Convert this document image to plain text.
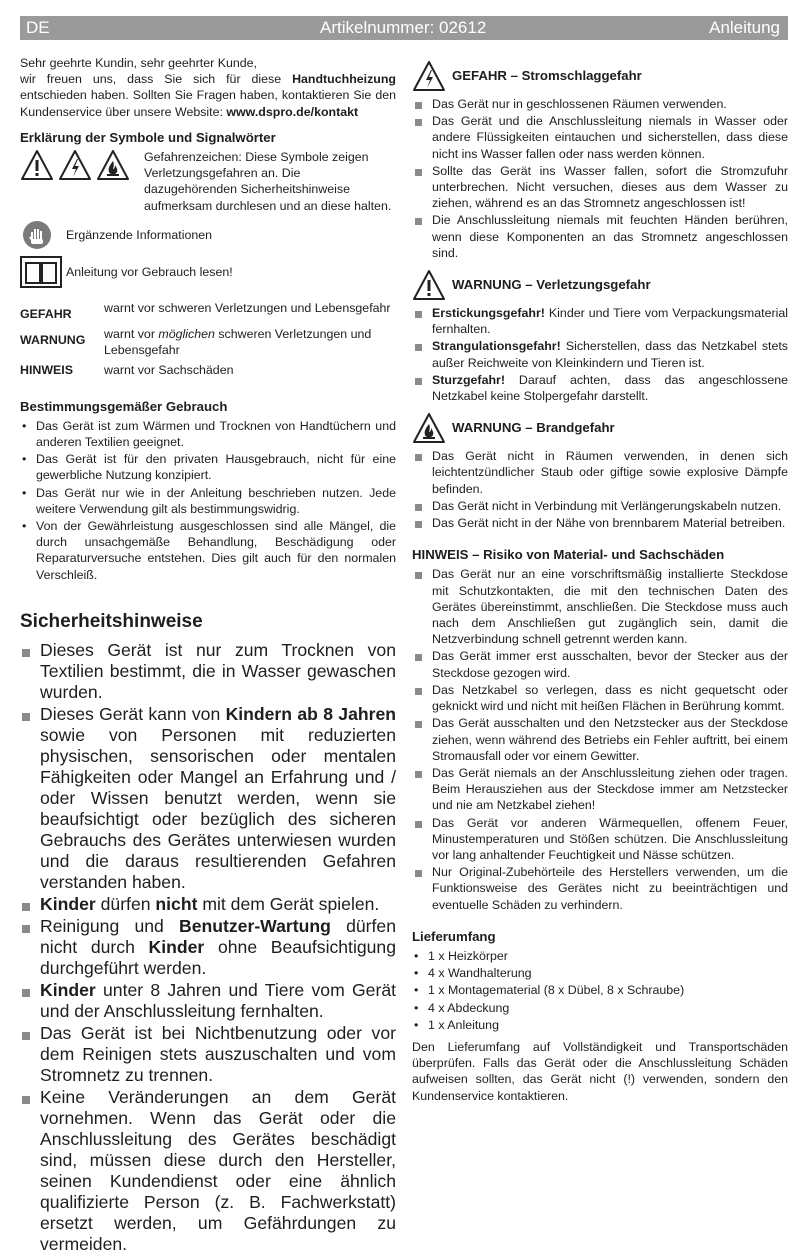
DE	Artikelnummer: 02612	Anleitung

Sehr geehrte Kundin, sehr geehrter Kunde,

wir freuen uns, dass Sie sich für diese Handtuchheizung entschieden haben. Sollten Sie Fragen haben, kontaktieren Sie den Kundenservice über unsere Website: www.dspro.de/kontakt

Erklärung der Symbole und Signalwörter
Gefahrenzeichen: Diese Symbole zeigen Verletzungsgefahren an. Die dazugehörenden Sicherheitshinweise aufmerksam durchlesen und an diese halten.
Ergänzende Informationen
Anleitung vor Gebrauch lesen!
GEFAHR	warnt vor schweren Verletzungen und Lebensgefahr
WARNUNG	warnt vor möglichen schweren Verletzungen und Lebensgefahr
HINWEIS	warnt vor Sachschäden
Bestimmungsgemäßer Gebrauch
• Das Gerät ist zum Wärmen und Trocknen von Handtüchern und anderen Textilien geeignet.
• Das Gerät ist für den privaten Hausgebrauch, nicht für eine gewerbliche Nutzung konzipiert.
• Das Gerät nur wie in der Anleitung beschrieben nutzen. Jede weitere Verwendung gilt als bestimmungswidrig.
• Von der Gewährleistung ausgeschlossen sind alle Mängel, die durch unsachgemäße Behandlung, Beschädigung oder Reparaturversuche entstehen. Dies gilt auch für den normalen Verschleiß.
Sicherheitshinweise
Dieses Gerät ist nur zum Trocknen von Textilien bestimmt, die in Wasser gewaschen wurden.
Dieses Gerät kann von Kindern ab 8 Jahren sowie von Personen mit reduzierten physischen, sensorischen oder mentalen Fähigkeiten oder Mangel an Erfahrung und / oder Wissen benutzt werden, wenn sie beaufsichtigt oder bezüglich des sicheren Gebrauchs des Gerätes unterwiesen wurden und die daraus resultierenden Gefahren verstanden haben.
Kinder dürfen nicht mit dem Gerät spielen.
Reinigung und Benutzer-Wartung dürfen nicht durch Kinder ohne Beaufsichtigung durchgeführt werden.
Kinder unter 8 Jahren und Tiere vom Gerät und der Anschlussleitung fernhalten.
Das Gerät ist bei Nichtbenutzung oder vor dem Reinigen stets auszuschalten und vom Stromnetz zu trennen.
Keine Veränderungen an dem Gerät vornehmen. Wenn das Gerät oder die Anschlussleitung des Gerätes beschädigt sind, müssen diese durch den Hersteller, seinen Kundendienst oder eine ähnlich qualifizierte Person (z. B. Fachwerkstatt) ersetzt werden, um Gefährdungen zu vermeiden.
GEFAHR – Stromschlaggefahr
Das Gerät nur in geschlossenen Räumen verwenden.
Das Gerät und die Anschlussleitung niemals in Wasser oder andere Flüssigkeiten eintauchen und sicherstellen, dass diese nicht ins Wasser fallen oder nass werden können.
Sollte das Gerät ins Wasser fallen, sofort die Stromzufuhr unterbrechen. Nicht versuchen, dieses aus dem Wasser zu ziehen, während es an das Stromnetz angeschlossen ist!
Die Anschlussleitung niemals mit feuchten Händen berühren, wenn diese Komponenten an das Stromnetz angeschlossen sind.
WARNUNG – Verletzungsgefahr
Erstickungsgefahr! Kinder und Tiere vom Verpackungsmaterial fernhalten.
Strangulationsgefahr! Sicherstellen, dass das Netzkabel stets außer Reichweite von Kleinkindern und Tieren ist.
Sturzgefahr! Darauf achten, dass das angeschlossene Netzkabel keine Stolpergefahr darstellt.
WARNUNG – Brandgefahr
Das Gerät nicht in Räumen verwenden, in denen sich leichtentzündlicher Staub oder giftige sowie explosive Dämpfe befinden.
Das Gerät nicht in Verbindung mit Verlängerungskabeln nutzen.
Das Gerät nicht in der Nähe von brennbarem Material betreiben.
HINWEIS – Risiko von Material- und Sachschäden
Das Gerät nur an eine vorschriftsmäßig installierte Steckdose mit Schutzkontakten, die mit den technischen Daten des Gerätes übereinstimmt, anschließen. Die Steckdose muss auch nach dem Anschließen gut zugänglich sein, damit die Netzverbindung schnell getrennt werden kann.
Das Gerät immer erst ausschalten, bevor der Stecker aus der Steckdose gezogen wird.
Das Netzkabel so verlegen, dass es nicht gequetscht oder geknickt wird und nicht mit heißen Flächen in Berührung kommt.
Das Gerät ausschalten und den Netzstecker aus der Steckdose ziehen, wenn während des Betriebs ein Fehler auftritt, bei einem Stromausfall oder vor einem Gewitter.
Das Gerät niemals an der Anschlussleitung ziehen oder tragen. Beim Herausziehen aus der Steckdose immer am Netzstecker und nie am Netzkabel ziehen!
Das Gerät vor anderen Wärmequellen, offenem Feuer, Minustemperaturen und Stößen schützen. Die Anschlussleitung vor lang anhaltender Feuchtigkeit und Nässe schützen.
Nur Original-Zubehörteile des Herstellers verwenden, um die Funktionsweise des Gerätes nicht zu beeinträchtigen und eventuelle Schäden zu verhindern.
Lieferumfang
• 1 x Heizkörper
• 4 x Wandhalterung
• 1 x Montagematerial (8 x Dübel, 8 x Schraube)
• 4 x Abdeckung
• 1 x Anleitung

Den Lieferumfang auf Vollständigkeit und Transportschäden überprüfen. Falls das Gerät oder die Anschlussleitung Schäden aufweisen sollten, das Gerät nicht (!) verwenden, sondern den Kundenservice kontaktieren.
